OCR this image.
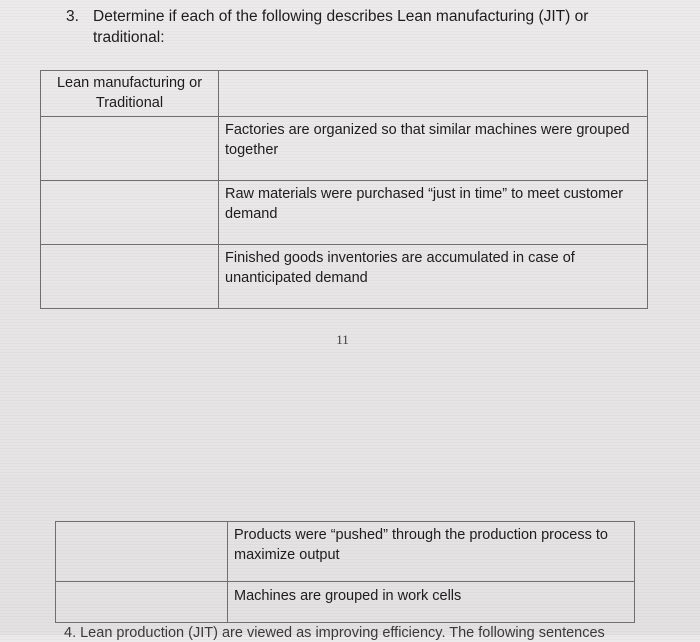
3. Determine if each of the following describes Lean manufacturing (JIT) or traditional:
Lean manufacturing or Traditional	
	Factories are organized so that similar machines were grouped together
	Raw materials were purchased “just in time” to meet customer demand
	Finished goods inventories are accumulated in case of unanticipated demand
11
	Products were “pushed” through the production process to maximize output
	Machines are grouped in work cells
4. Lean production (JIT) are viewed as improving efficiency. The following sentences
